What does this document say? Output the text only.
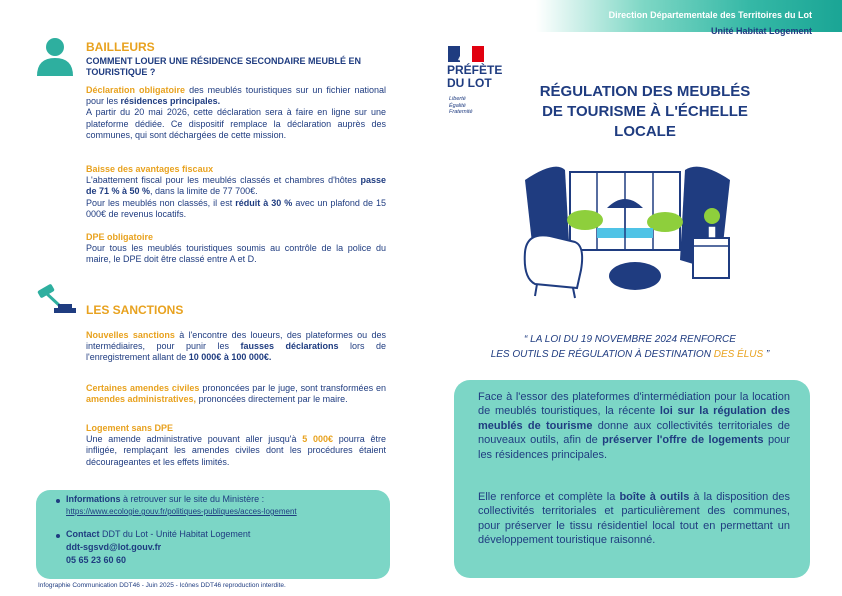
Direction Départementale des Territoires du Lot
Unité Habitat Logement
BAILLEURS
COMMENT LOUER UNE RÉSIDENCE SECONDAIRE MEUBLÉ EN
TOURISTIQUE ?
Déclaration obligatoire des meublés touristiques sur un fichier national pour les résidences principales.
A partir du 20 mai 2026, cette déclaration sera à faire en ligne sur une plateforme dédiée. Ce dispositif remplace la déclaration auprès des communes, qui sont déchargées de cette mission.
Baisse des avantages fiscaux
L'abattement fiscal pour les meublés classés et chambres d'hôtes passe de 71 % à 50 %, dans la limite de 77 700€.
Pour les meublés non classés, il est réduit à 30 % avec un plafond de 15 000€ de revenus locatifs.
DPE obligatoire
Pour tous les meublés touristiques soumis au contrôle de la police du maire, le DPE doit être classé entre A et D.
LES SANCTIONS
Nouvelles sanctions à l'encontre des loueurs, des plateformes ou des intermédiaires, pour punir les fausses déclarations lors de l'enregistrement allant de 10 000€ à 100 000€.
Certaines amendes civiles prononcées par le juge, sont transformées en amendes administratives, prononcées directement par le maire.
Logement sans DPE
Une amende administrative pouvant aller jusqu'à 5 000€ pourra être infligée, remplaçant les amendes civiles dont les procédures étaient décourageantes et les effets limités.
Informations à retrouver sur le site du Ministère :
https://www.ecologie.gouv.fr/politiques-publiques/acces-logement
Contact DDT du Lot - Unité Habitat Logement
ddt-sgsvd@lot.gouv.fr
05 65 23 60 60
Infographie Communication DDT46 - Juin 2025 - Icônes DDT46 reproduction interdite.
PRÉFÈTE
DU LOT
Liberté
Égalité
Fraternité
RÉGULATION DES MEUBLÉS
DE TOURISME À L'ÉCHELLE
LOCALE
“ LA LOI DU 19 NOVEMBRE 2024 RENFORCE
LES OUTILS DE RÉGULATION À DESTINATION DES ÉLUS ”
Face à l'essor des plateformes d'intermédiation pour la location de meublés touristiques, la récente loi sur la régulation des meublés de tourisme donne aux collectivités territoriales de nouveaux outils, afin de préserver l'offre de logements pour les résidences principales.
Elle renforce et complète la boîte à outils à la disposition des collectivités territoriales et particulièrement des communes, pour préserver le tissu résidentiel local tout en permettant un développement touristique raisonné.
